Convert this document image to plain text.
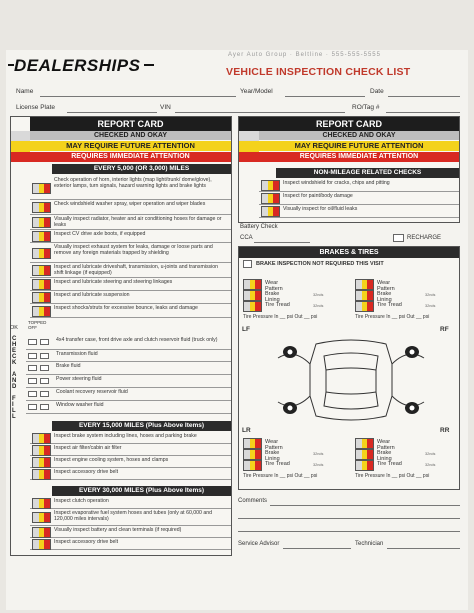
Ayer Auto Group · Beltline · 555-555-5555
DEALERSHIPS	VEHICLE INSPECTION CHECK LIST
Name	Year/Model	Date
License Plate	VIN	RO/Tag #
REPORT CARD
CHECKED AND OKAY
MAY REQUIRE FUTURE ATTENTION
REQUIRES IMMEDIATE ATTENTION
EVERY 5,000 (OR 3,000) MILES
Check operation of horn, interior lights (map light/trunk/ dome/glove), exterior lamps, turn signals, hazard warning lights and brake lights
Check windshield washer spray, wiper operation and wiper blades
Visually inspect radiator, heater and air conditioning hoses for damage or leaks
Inspect CV drive axle boots, if equipped
Visually inspect exhaust system for leaks, damage or loose parts and remove any foreign materials trapped by shielding
Inspect and lubricate driveshaft, transmission, u-joints and transmission shift linkage (if equipped)
Inspect and lubricate steering and steering linkages
Inspect and lubricate suspension
Inspect shocks/struts for excessive bounce, leaks and damage
OK
TOPPED OFF
C
H
E
C
K
A
N
D
F
I
L
L
4x4 transfer case, front drive axle and clutch reservoir fluid (truck only)
Transmission fluid
Brake fluid
Power steering fluid
Coolant recovery reservoir fluid
Window washer fluid
EVERY 15,000 MILES (Plus Above Items)
Inspect brake system including lines, hoses and parking brake
Inspect air filter/cabin air filter
Inspect engine cooling system, hoses and clamps
Inspect accessory drive belt
EVERY 30,000 MILES (Plus Above Items)
Inspect clutch operation
Inspect evaporative fuel system hoses and tubes (only at 60,000 and 120,000 miles intervals)
Visually inspect battery and clean terminals (if required)
Inspect accessory drive belt
REPORT CARD
CHECKED AND OKAY
MAY REQUIRE FUTURE ATTENTION
REQUIRES IMMEDIATE ATTENTION
NON-MILEAGE RELATED CHECKS
Inspect windshield for cracks, chips and pitting
Inspect for paint/body damage
Visually inspect for oil/fluid leaks
Battery Check
CCA	RECHARGE
BRAKES & TIRES
BRAKE INSPECTION NOT REQUIRED THIS VISIT
Wear Pattern
Brake Lining
32nds
Tire Tread	32nds
Tire Pressure In __ psi Out __ psi
Wear Pattern
Brake Lining
32nds
Tire Tread	32nds
Tire Pressure In __ psi Out __ psi
Wear Pattern
Brake Lining
32nds
Tire Tread	32nds
Tire Pressure In __ psi Out __ psi
Wear Pattern
Brake Lining
32nds
Tire Tread	32nds
Tire Pressure In __ psi Out __ psi
LF	RF
LR	RR
Comments
Service Advisor	Technician
